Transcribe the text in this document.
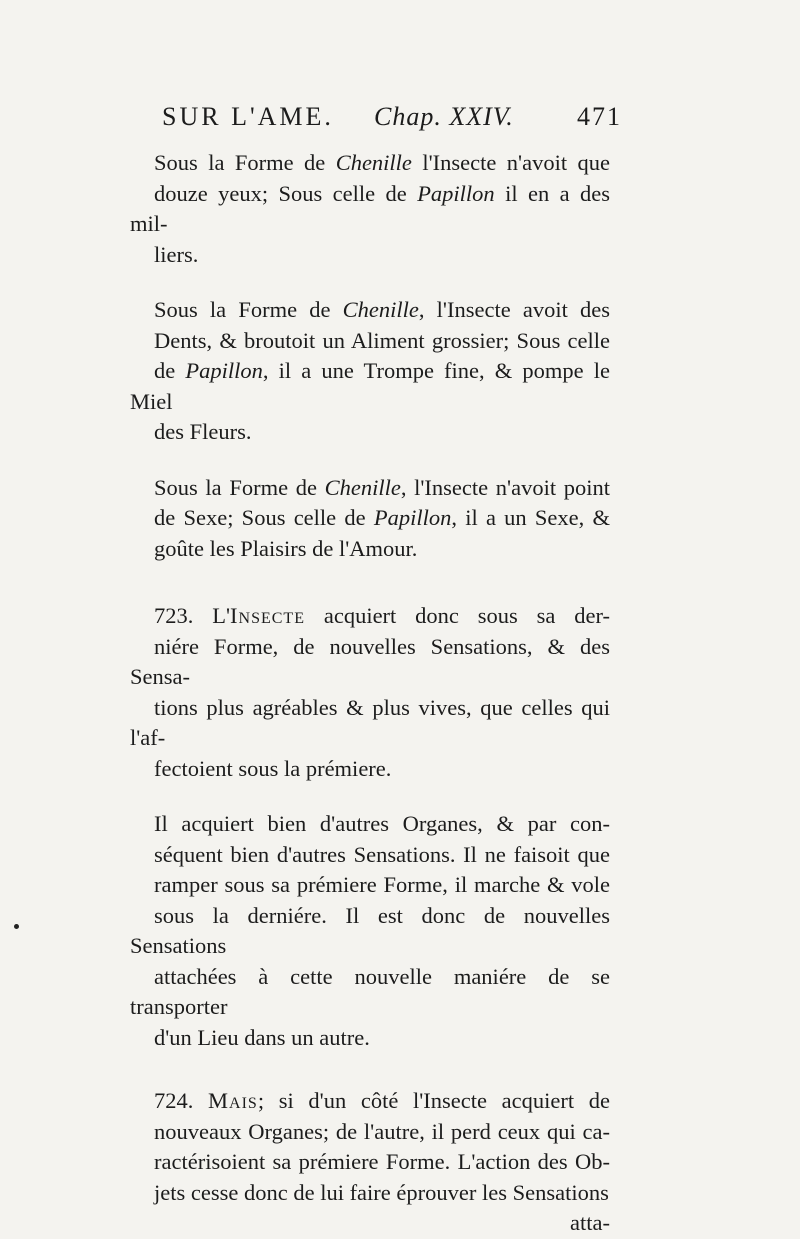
SUR L'AME. Chap. XXIV. 471
Sous la Forme de Chenille l'Insecte n'avoit que
douze yeux; Sous celle de Papillon il en a des mil-
liers.
Sous la Forme de Chenille, l'Insecte avoit des
Dents, & broutoit un Aliment grossier; Sous celle
de Papillon, il a une Trompe fine, & pompe le Miel
des Fleurs.
Sous la Forme de Chenille, l'Insecte n'avoit point
de Sexe; Sous celle de Papillon, il a un Sexe, &
goûte les Plaisirs de l'Amour.
723. L'Insecte acquiert donc sous sa der-
niére Forme, de nouvelles Sensations, & des Sensa-
tions plus agréables & plus vives, que celles qui l'af-
fectoient sous la prémiere.
Il acquiert bien d'autres Organes, & par con-
séquent bien d'autres Sensations. Il ne faisoit que
ramper sous sa prémiere Forme, il marche & vole
sous la derniére. Il est donc de nouvelles Sensations
attachées à cette nouvelle maniére de se transporter
d'un Lieu dans un autre.
724. Mais; si d'un côté l'Insecte acquiert de
nouveaux Organes; de l'autre, il perd ceux qui ca-
ractérisoient sa prémiere Forme. L'action des Ob-
jets cesse donc de lui faire éprouver les Sensations
atta-
